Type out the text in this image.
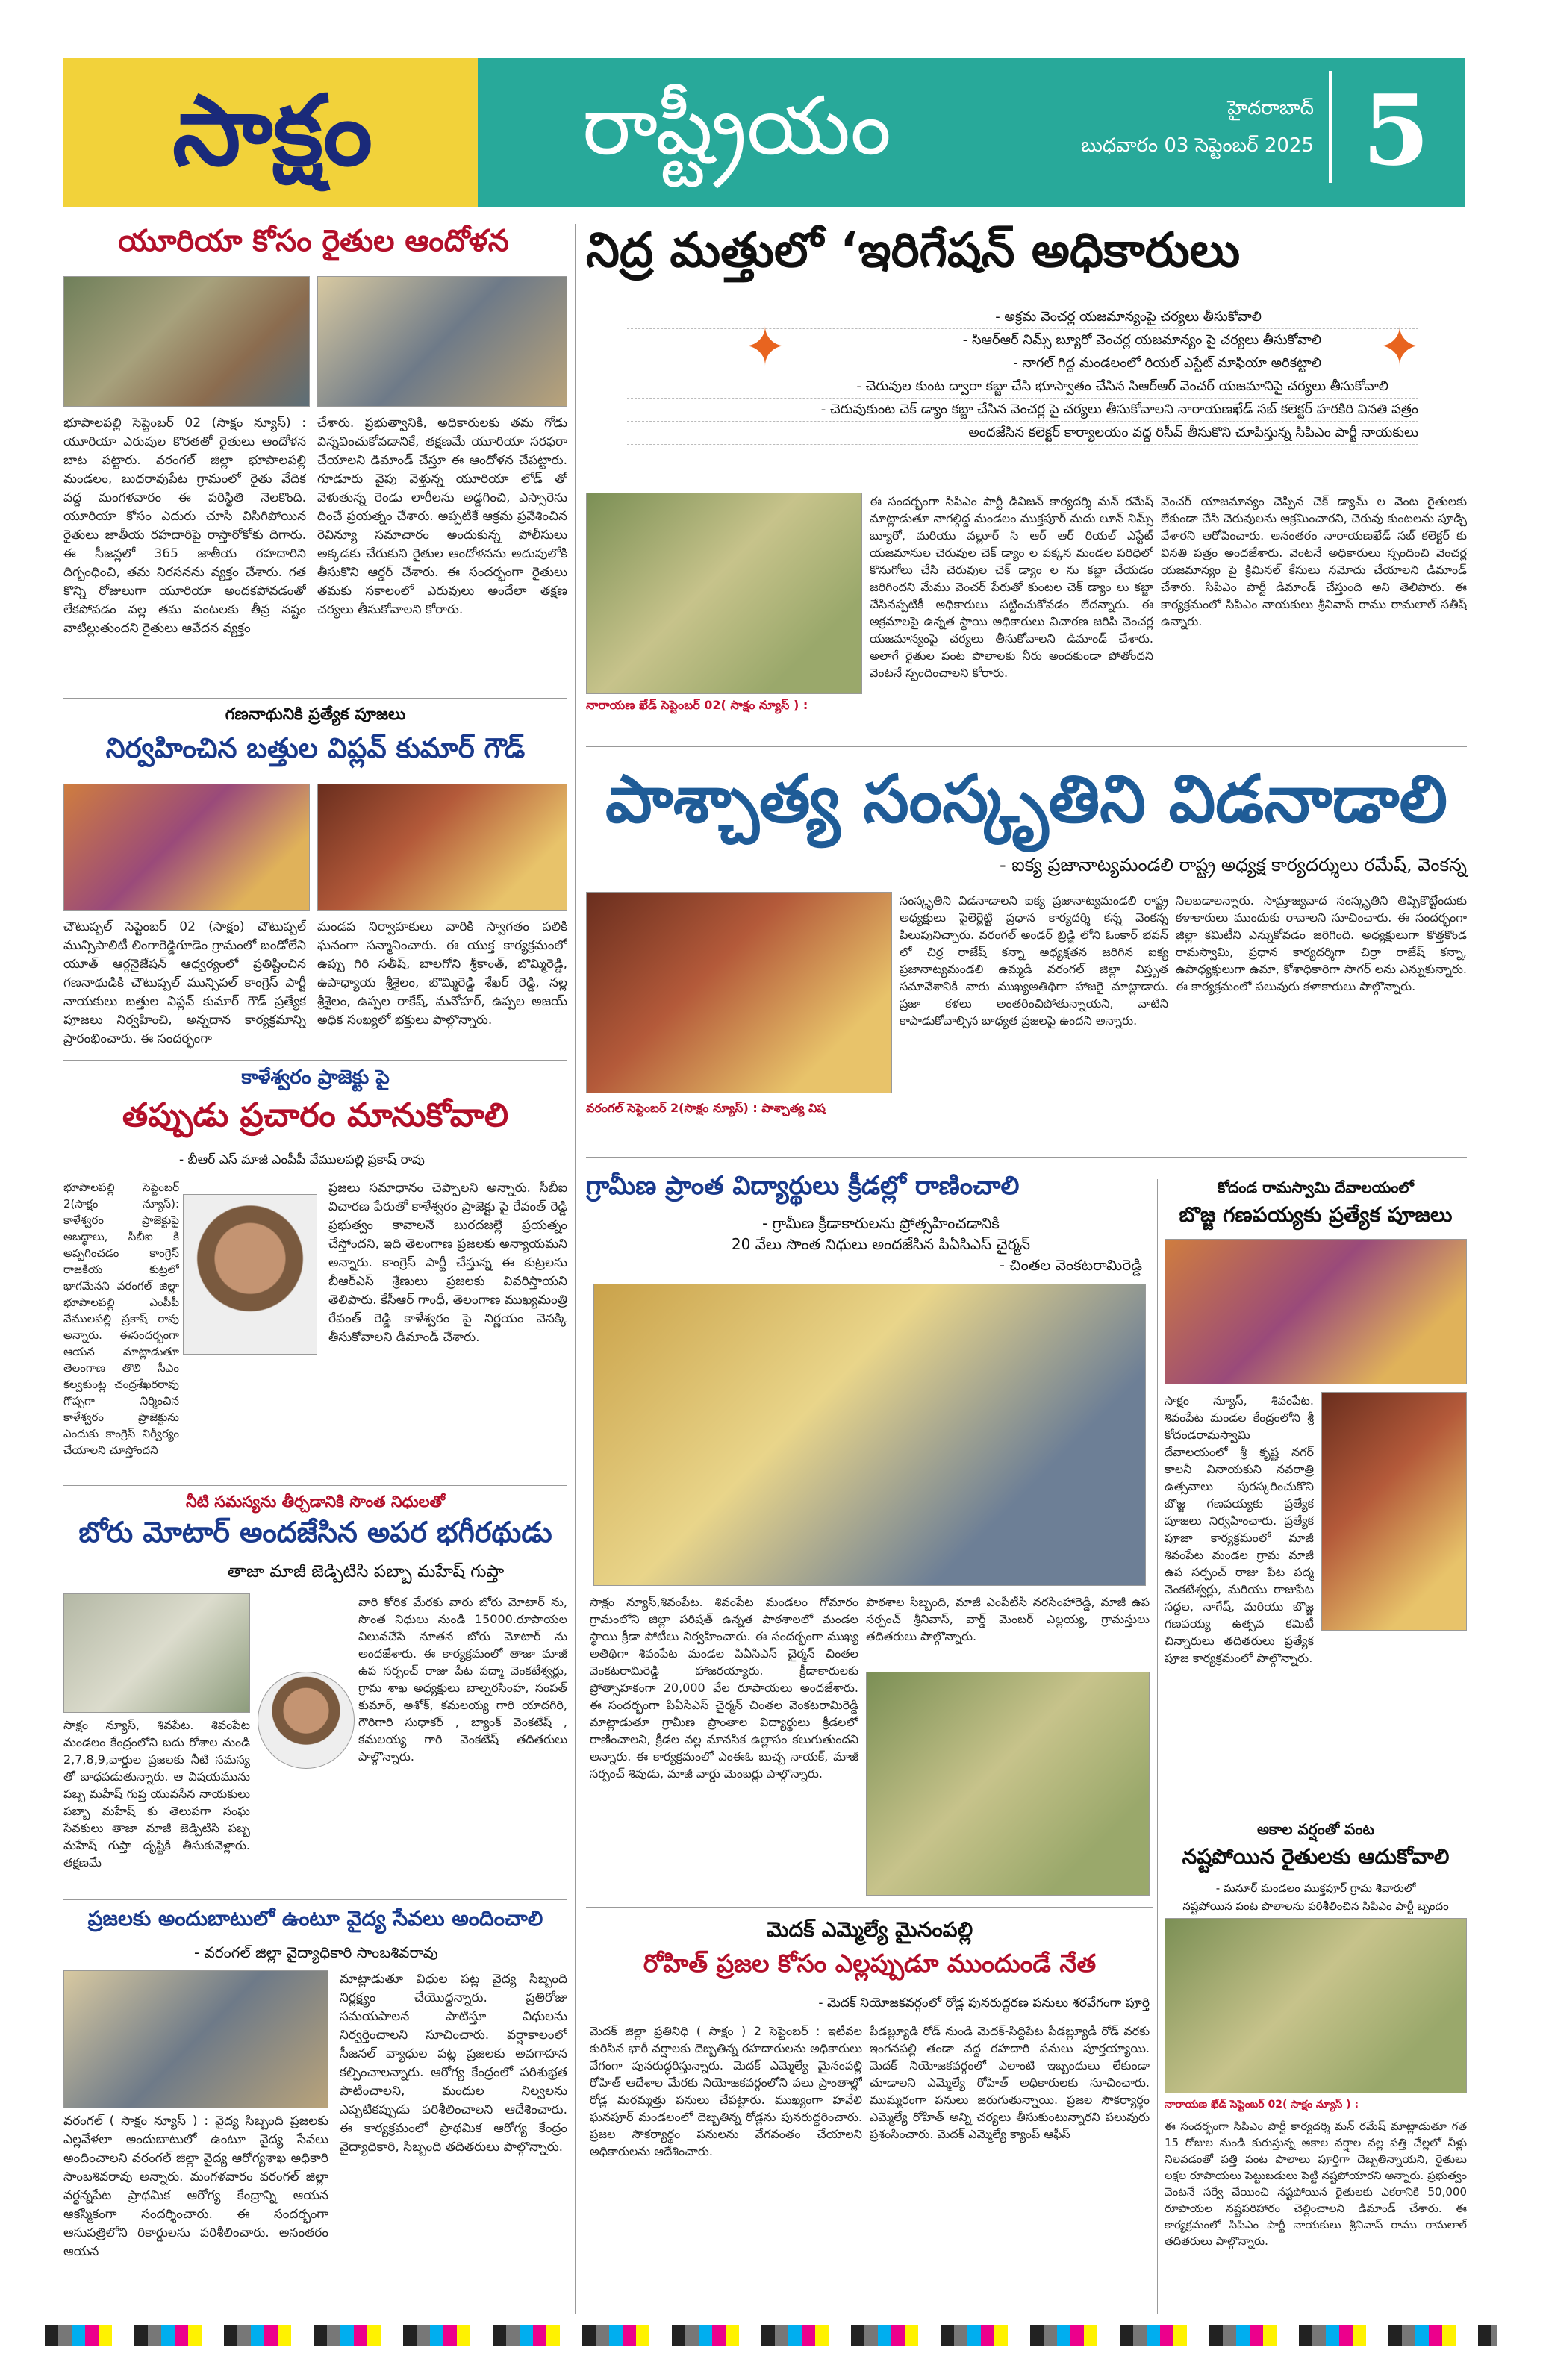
సాక్షం	రాష్ట్రీయం	హైదరాబాద్
బుధవారం 03 సెప్టెంబర్ 2025 5
యూరియా కోసం రైతుల ఆందోళన
భూపాలపల్లి సెప్టెంబర్ 02 (సాక్షం న్యూస్) : యూరియా ఎరువుల కొరతతో రైతులు ఆందోళన బాట పట్టారు. వరంగల్ జిల్లా భూపాలపల్లి మండలం, బుధరావుపేట గ్రామంలో రైతు వేదిక వద్ద మంగళవారం ఈ పరిస్థితి నెలకొంది. యూరియా కోసం ఎదురు చూసి విసిగిపోయిన రైతులు జాతీయ రహదారిపై రాస్తారోకోకు దిగారు. ఈ సీజన్లలో 365 జాతీయ రహదారిని దిగ్బంధించి, తమ నిరసనను వ్యక్తం చేశారు. గత కొన్ని రోజులుగా యూరియా అందకపోవడంతో లేకపోవడం వల్ల తమ పంటలకు తీవ్ర నష్టం వాటిల్లుతుందని రైతులు ఆవేదన వ్యక్తం
చేశారు. ప్రభుత్వానికి, అధికారులకు తమ గోడు విన్నవించుకోవడానికే, తక్షణమే యూరియా సరఫరా చేయాలని డిమాండ్ చేస్తూ ఈ ఆందోళన చేపట్టారు. గూడూరు వైపు వెళ్తున్న యూరియా లోడ్ తో వెళుతున్న రెండు లారీలను అడ్డగించి, ఎస్సారెను దించే ప్రయత్నం చేశారు. అప్పటికే ఆక్రమ ప్రవేశించిన రెవిన్యూ సమాచారం అందుకున్న పోలీసులు అక్కడకు చేరుకుని రైతుల ఆందోళనను అదుపులోకి తీసుకొని ఆర్డర్ చేశారు. ఈ సందర్భంగా రైతులు తమకు సకాలంలో ఎరువులు అందేలా తక్షణ చర్యలు తీసుకోవాలని కోరారు.
గణనాథునికి ప్రత్యేక పూజలు
నిర్వహించిన బత్తుల విప్లవ్ కుమార్ గౌడ్
చౌటుప్పల్ సెప్టెంబర్ 02 (సాక్షం) చౌటుప్పల్ మున్సిపాలిటీ లింగారెడ్డిగూడెం గ్రామంలో బండోలేని యూత్ ఆర్గనైజేషన్ ఆధ్వర్యంలో ప్రతిష్టించిన గణనాథుడికి చౌటుప్పల్ మున్సిపల్ కాంగ్రెస్ పార్టీ నాయకులు బత్తుల విప్లవ్ కుమార్ గౌడ్ ప్రత్యేక పూజలు నిర్వహించి, అన్నదాన కార్యక్రమాన్ని ప్రారంభించారు. ఈ సందర్భంగా
మండప నిర్వాహకులు వారికి స్వాగతం పలికి ఘనంగా సన్మానించారు. ఈ యుక్త కార్యక్రమంలో ఉప్పు గిరి సతీష్, బాలగోని శ్రీకాంత్, బొమ్మిరెడ్డి, ఉపాధ్యాయ శ్రీశైలం, బొమ్మిరెడ్డి శేఖర్ రెడ్డి, నల్ల శ్రీశైలం, ఉప్పల రాకేష్, మనోహర్, ఉప్పల అజయ్ అధిక సంఖ్యలో భక్తులు పాల్గొన్నారు.
కాళేశ్వరం ప్రాజెక్టు పై
తప్పుడు ప్రచారం మానుకోవాలి
- బీఆర్ ఎస్ మాజీ ఎంపీపీ వేములపల్లి ప్రకాష్ రావు
భూపాలపల్లి సెప్టెంబర్ 2(సాక్షం న్యూస్): కాళేశ్వరం ప్రాజెక్టుపై అబద్ధాలు, సీబీఐ కి అప్పగించడం కాంగ్రెస్ రాజకీయ కుట్రలో భాగమేనని వరంగల్ జిల్లా భూపాలపల్లి ఎంపీపీ వేములపల్లి ప్రకాష్ రావు అన్నారు. ఈసందర్భంగా ఆయన మాట్లాడుతూ తెలంగాణ తొలి సీఎం కల్వకుంట్ల చంద్రశేఖరరావు గొప్పగా నిర్మించిన కాళేశ్వరం ప్రాజెక్టును ఎందుకు కాంగ్రెస్ నిర్వీర్యం చేయాలని చూస్తోందని
ప్రజలు సమాధానం చెప్పాలని అన్నారు. సీబీఐ విచారణ పేరుతో కాళేశ్వరం ప్రాజెక్టు పై రేవంత్ రెడ్డి ప్రభుత్వం కావాలనే బురదజల్లే ప్రయత్నం చేస్తోందని, ఇది తెలంగాణ ప్రజలకు అన్యాయమని అన్నారు. కాంగ్రెస్ పార్టీ చేస్తున్న ఈ కుట్రలను బీఆర్ఎస్ శ్రేణులు ప్రజలకు వివరిస్తాయని తెలిపారు. కేసీఆర్ గాంధీ, తెలంగాణ ముఖ్యమంత్రి రేవంత్ రెడ్డి కాళేశ్వరం పై నిర్ణయం వెనక్కి తీసుకోవాలని డిమాండ్ చేశారు.
నీటి సమస్యను తీర్చడానికి సొంత నిధులతో
బోరు మోటార్ అందజేసిన అపర భగీరథుడు
తాజా మాజీ జెడ్పిటిసి పబ్బా మహేష్ గుప్తా
సాక్షం న్యూస్, శివపేట. శివంపేట మండలం కేంద్రంలోని బదు రోశాల నుండి 2,7,8,9,వార్డుల ప్రజలకు నీటి సమస్య తో బాధపడుతున్నారు. ఆ విషయమును పబ్బ మహేష్ గుప్త యువసేన నాయకులు పబ్బా మహేష్ కు తెలుపగా సంఘ సేవకులు తాజా మాజీ జెడ్పిటిసి పబ్బ మహేష్ గుప్తా దృష్టికి తీసుకువెళ్లారు. తక్షణమే
వారి కోరిక మేరకు వారు బోరు మోటార్ ను, సొంత నిధులు నుండి 15000.రూపాయల విలువచేసే నూతన బోరు మోటార్ ను అందజేశారు. ఈ కార్యక్రమంలో తాజా మాజీ ఉప సర్పంచ్ రాజు పేట పద్మా వెంకటేశ్వర్లు, గ్రామ శాఖ అధ్యక్షులు బాల్నరసింహ, సంపత్ కుమార్, అశోక్, కమలయ్య గారి యాదగిరి, గౌరిగారి సుధాకర్ , బ్యాంక్ వెంకటేష్ , కమలయ్య గారి వెంకటేష్ తదితరులు పాల్గొన్నారు.
ప్రజలకు అందుబాటులో ఉంటూ వైద్య సేవలు అందించాలి
- వరంగల్ జిల్లా వైద్యాధికారి సాంబశివరావు
వరంగల్ ( సాక్షం న్యూస్ ) : వైద్య సిబ్బంది ప్రజలకు ఎల్లవేళలా అందుబాటులో ఉంటూ వైద్య సేవలు అందించాలని వరంగల్ జిల్లా వైద్య ఆరోగ్యశాఖ అధికారి సాంబశివరావు అన్నారు. మంగళవారం వరంగల్ జిల్లా వర్ధన్నపేట ప్రాథమిక ఆరోగ్య కేంద్రాన్ని ఆయన ఆకస్మికంగా సందర్శించారు. ఈ సందర్భంగా ఆసుపత్రిలోని రికార్డులను పరిశీలించారు. అనంతరం ఆయన
మాట్లాడుతూ విధుల పట్ల వైద్య సిబ్బంది నిర్లక్ష్యం చేయొద్దన్నారు. ప్రతిరోజు సమయపాలన పాటిస్తూ విధులను నిర్వర్తించాలని సూచించారు. వర్షాకాలంలో సీజనల్ వ్యాధుల పట్ల ప్రజలకు అవగాహన కల్పించాలన్నారు. ఆరోగ్య కేంద్రంలో పరిశుభ్రత పాటించాలని, మందుల నిల్వలను ఎప్పటికప్పుడు పరిశీలించాలని ఆదేశించారు. ఈ కార్యక్రమంలో ప్రాథమిక ఆరోగ్య కేంద్రం వైద్యాధికారి, సిబ్బంది తదితరులు పాల్గొన్నారు.
నిద్ర మత్తులో ‘ఇరిగేషన్ అధికారులు
✦	✦
- అక్రమ వెంచర్ల యజమాన్యంపై చర్యలు తీసుకోవాలి
- సిఆర్ఆర్ నిమ్స్ బ్యూరో వెంచర్ల యజమాన్యం పై చర్యలు తీసుకోవాలి
- నాగల్ గిద్ద మండలంలో రియల్ ఎస్టేట్ మాఫియా అరికట్టాలి
- చెరువుల కుంట ద్వారా కబ్జా చేసి భూస్వాతం చేసిన సిఆర్ఆర్ వెంచర్ యజమానిపై చర్యలు తీసుకోవాలి
- చెరువుకుంట చెక్ డ్యాం కబ్జా చేసిన వెంచర్ల పై చర్యలు తీసుకోవాలని నారాయణఖేడ్ సబ్ కలెక్టర్ హరకిరి వినతి పత్రం
అందజేసిన కలెక్టర్ కార్యాలయం వద్ద రిసీవ్ తీసుకొని చూపిస్తున్న సిపిఎం పార్టీ నాయకులు
నారాయణ ఖేడ్ సెప్టెంబర్ 02( సాక్షం న్యూస్ ) :
ఈ సందర్భంగా సిపిఎం పార్టీ డివిజన్ కార్యదర్శి మన్ రమేష్ మాట్లాడుతూ నాగల్గిద్ద మండలం ముక్తపూర్ మదు లూన్ నిమ్స్ బ్యూరో, మరియు వల్లూర్ సి ఆర్ ఆర్ రియల్ ఎస్టేట్ యజమానుల చెరువుల చెక్ డ్యాం ల పక్కన మండల పరిధిలో కొనుగోలు చేసి చెరువుల చెక్ డ్యాం ల ను కబ్జా చేయడం జరిగిందని మేము వెంచర్ పేరుతో కుంటల చెక్ డ్యాం లు కబ్జా చేసినప్పటికీ అధికారులు పట్టించుకోవడం లేదన్నారు. ఈ అక్రమాలపై ఉన్నత స్థాయి అధికారులు విచారణ జరిపి వెంచర్ల యజమాన్యంపై చర్యలు తీసుకోవాలని డిమాండ్ చేశారు. అలాగే రైతుల పంట పొలాలకు నీరు అందకుండా పోతోందని వెంటనే స్పందించాలని కోరారు.
వెంచర్ యాజమాన్యం చెప్పిన చెక్ డ్యామ్ ల వెంట రైతులకు లేకుండా చేసి చెరువులను ఆక్రమించారని, చెరువు కుంటలను పూడ్చి వేశారని ఆరోపించారు. అనంతరం నారాయణఖేడ్ సబ్ కలెక్టర్ కు వినతి పత్రం అందజేశారు. వెంటనే అధికారులు స్పందించి వెంచర్ల యజమాన్యం పై క్రిమినల్ కేసులు నమోదు చేయాలని డిమాండ్ చేశారు. సిపిఎం పార్టీ డిమాండ్ చేస్తుంది అని తెలిపారు. ఈ కార్యక్రమంలో సిపిఎం నాయకులు శ్రీనివాస్ రాము రామలాల్ సతీష్ ఉన్నారు.
పాశ్చాత్య సంస్కృతిని విడనాడాలి
- ఐక్య ప్రజానాట్యమండలి రాష్ట్ర అధ్యక్ష కార్యదర్శులు రమేష్, వెంకన్న
వరంగల్ సెప్టెంబర్ 2(సాక్షం న్యూస్) : పాశ్చాత్య విష
సంస్కృతిని విడనాడాలని ఐక్య ప్రజానాట్యమండలి రాష్ట్ర అధ్యక్షులు పైలెర్లెట్టి ప్రధాన కార్యదర్శి కన్న వెంకన్న పిలుపునిచ్చారు. వరంగల్ అండర్ బ్రిడ్జి లోని ఓంకార్ భవన్ లో చిర్ర రాజేష్ కన్నా అధ్యక్షతన జరిగిన ఐక్య ప్రజానాట్యమండలి ఉమ్మడి వరంగల్ జిల్లా విస్తృత సమావేశానికి వారు ముఖ్యఅతిథిగా హాజరై మాట్లాడారు. ప్రజా కళలు అంతరించిపోతున్నాయని, వాటిని కాపాడుకోవాల్సిన బాధ్యత ప్రజలపై ఉందని అన్నారు.
నిలబడాలన్నారు. సామ్రాజ్యవాద సంస్కృతిని తిప్పికొట్టేందుకు కళాకారులు ముందుకు రావాలని సూచించారు. ఈ సందర్భంగా జిల్లా కమిటీని ఎన్నుకోవడం జరిగింది. అధ్యక్షులుగా కొత్తకొండ రామస్వామి, ప్రధాన కార్యదర్శిగా చిర్రా రాజేష్ కన్నా, ఉపాధ్యక్షులుగా ఉమా, కోశాధికారిగా సాగర్ లను ఎన్నుకున్నారు. ఈ కార్యక్రమంలో పలువురు కళాకారులు పాల్గొన్నారు.
గ్రామీణ ప్రాంత విద్యార్థులు క్రీడల్లో రాణించాలి
- గ్రామీణ క్రీడాకారులను ప్రోత్సహించడానికి
20 వేలు సొంత నిధులు అందజేసిన పిఏసిఎస్ చైర్మన్
- చింతల వెంకటరామిరెడ్డి
సాక్షం న్యూస్,శివంపేట. శివంపేట మండలం గోమారం గ్రామంలోని జిల్లా పరిషత్ ఉన్నత పాఠశాలలో మండల స్థాయి క్రీడా పోటీలు నిర్వహించారు. ఈ సందర్భంగా ముఖ్య అతిథిగా శివంపేట మండల పిఏసిఎస్ చైర్మన్ చింతల వెంకటరామిరెడ్డి హాజరయ్యారు. క్రీడాకారులకు ప్రోత్సాహకంగా 20,000 వేల రూపాయలు అందజేశారు. ఈ సందర్భంగా పిఏసిఎస్ చైర్మన్ చింతల వెంకటరామిరెడ్డి మాట్లాడుతూ గ్రామీణ ప్రాంతాల విద్యార్థులు క్రీడలలో రాణించాలని, క్రీడల వల్ల మానసిక ఉల్లాసం కలుగుతుందని అన్నారు. ఈ కార్యక్రమంలో ఎంఈఓ బుచ్చ నాయక్, మాజీ సర్పంచ్ శివుడు, మాజీ వార్డు మెంబర్లు పాల్గొన్నారు.
పాఠశాల సిబ్బంది, మాజీ ఎంపీటీసీ నరసింహారెడ్డి, మాజీ ఉప సర్పంచ్ శ్రీనివాస్, వార్డ్ మెంబర్ ఎల్లయ్య, గ్రామస్తులు తదితరులు పాల్గొన్నారు.
మెదక్ ఎమ్మెల్యే మైనంపల్లి
రోహిత్ ప్రజల కోసం ఎల్లప్పుడూ ముందుండే నేత
- మెదక్ నియోజకవర్గంలో రోడ్ల పునరుద్ధరణ పనులు శరవేగంగా పూర్తి
మెదక్ జిల్లా ప్రతినిధి ( సాక్షం ) 2 సెప్టెంబర్ : ఇటీవల కురిసిన భారీ వర్షాలకు దెబ్బతిన్న రహదారులను అధికారులు వేగంగా పునరుద్ధరిస్తున్నారు. మెదక్ ఎమ్మెల్యే మైనంపల్లి రోహిత్ ఆదేశాల మేరకు నియోజకవర్గంలోని పలు ప్రాంతాల్లో రోడ్ల మరమ్మత్తు పనులు చేపట్టారు. ముఖ్యంగా హవేలి ఘనపూర్ మండలంలో దెబ్బతిన్న రోడ్లను పునరుద్ధరించారు. ప్రజల సౌకర్యార్థం పనులను వేగవంతం చేయాలని అధికారులను ఆదేశించారు.
పీడబ్ల్యూడి రోడ్ నుండి మెదక్-సిద్దిపేట పీడబ్ల్యూడీ రోడ్ వరకు ఇంగనపల్లి తండా వద్ద రహదారి పనులు పూర్తయ్యాయి. మెదక్ నియోజకవర్గంలో ఎలాంటి ఇబ్బందులు లేకుండా చూడాలని ఎమ్మెల్యే రోహిత్ అధికారులకు సూచించారు. ముమ్మరంగా పనులు జరుగుతున్నాయి. ప్రజల సౌకర్యార్థం ఎమ్మెల్యే రోహిత్ అన్ని చర్యలు తీసుకుంటున్నారని పలువురు ప్రశంసించారు. మెదక్ ఎమ్మెల్యే క్యాంప్ ఆఫీస్
కోదండ రామస్వామి దేవాలయంలో
బొజ్జ గణపయ్యకు ప్రత్యేక పూజలు
సాక్షం న్యూస్, శివంపేట. శివంపేట మండల కేంద్రంలోని శ్రీ కోదండరామస్వామి దేవాలయంలో శ్రీ కృష్ణ నగర్ కాలనీ వినాయకుని నవరాత్రి ఉత్సవాలు పురస్కరించుకొని బొజ్జ గణపయ్యకు ప్రత్యేక పూజలు నిర్వహించారు. ప్రత్యేక పూజా కార్యక్రమంలో మాజీ శివంపేట మండల గ్రామ మాజీ ఉప సర్పంచ్ రాజు పేట పద్మ వెంకటేశ్వర్లు, మరియు రాజుపేట సద్దల, నాగేష్, మరియు బొజ్జ గణపయ్య ఉత్సవ కమిటీ చిన్నారులు తదితరులు ప్రత్యేక పూజ కార్యక్రమంలో పాల్గొన్నారు.
అకాల వర్షంతో పంట
నష్టపోయిన రైతులకు ఆదుకోవాలి
- మనూర్ మండలం ముక్తపూర్ గ్రామ శివారులో
నష్టపోయిన పంట పొలాలను పరిశీలించిన సిపిఎం పార్టీ బృందం
నారాయణ ఖేడ్ సెప్టెంబర్ 02( సాక్షం న్యూస్ ) :
ఈ సందర్భంగా సిపిఎం పార్టీ కార్యదర్శి మన్ రమేష్ మాట్లాడుతూ గత 15 రోజుల నుండి కురుస్తున్న అకాల వర్షాల వల్ల పత్తి చేల్లలో నీళ్లు నిలవడంతో పత్తి పంట పొలాలు పూర్తిగా దెబ్బతిన్నాయని, రైతులు లక్షల రూపాయలు పెట్టుబడులు పెట్టి నష్టపోయారని అన్నారు. ప్రభుత్వం వెంటనే సర్వే చేయించి నష్టపోయిన రైతులకు ఎకరానికి 50,000 రూపాయల నష్టపరిహారం చెల్లించాలని డిమాండ్ చేశారు. ఈ కార్యక్రమంలో సిపిఎం పార్టీ నాయకులు శ్రీనివాస్ రాము రామలాల్ తదితరులు పాల్గొన్నారు.
